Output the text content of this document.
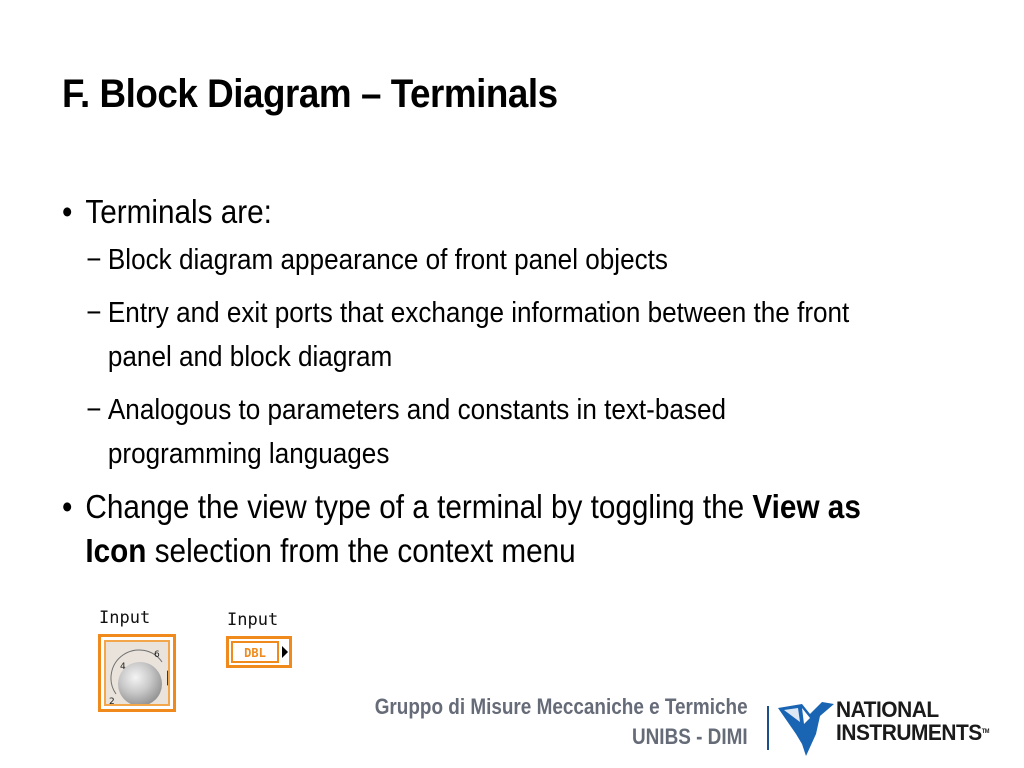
F. Block Diagram – Terminals
• Terminals are:
− Block diagram appearance of front panel objects
− Entry and exit ports that exchange information between the front panel and block diagram
− Analogous to parameters and constants in text-based programming languages
• Change the view type of a terminal by toggling the View as Icon selection from the context menu
Input
4
6
2
Input
DBL
Gruppo di Misure Meccaniche e Termiche
UNIBS - DIMI
NATIONAL
INSTRUMENTS™
